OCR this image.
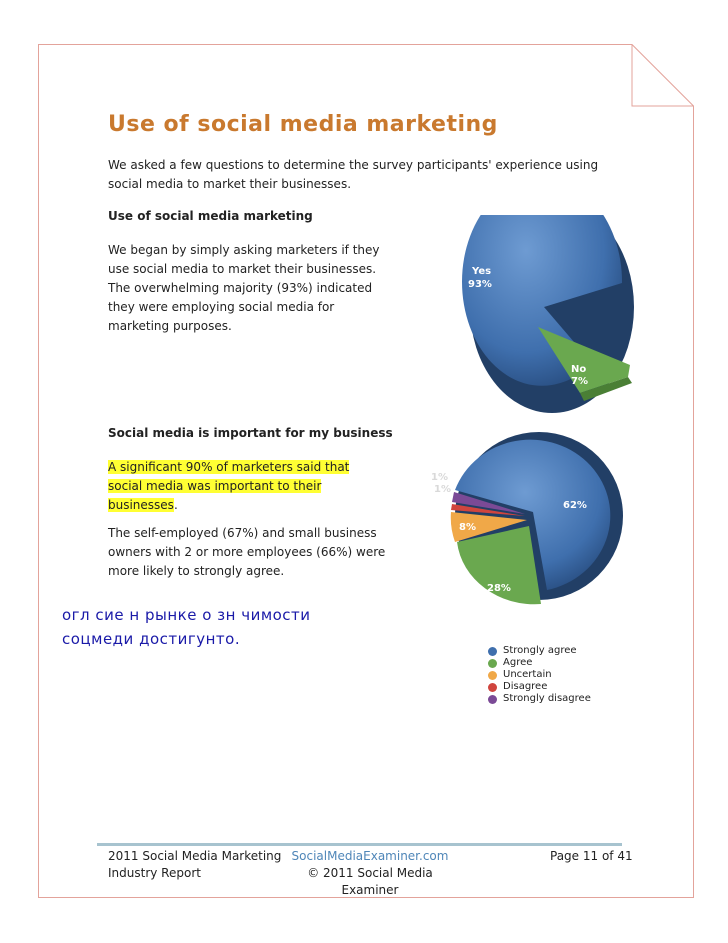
Use of social media marketing
We asked a few questions to determine the survey participants' experience using social media to market their businesses.
Use of social media marketing
We began by simply asking marketers if they
use social media to market their businesses.
The overwhelming majority (93%) indicated
they were employing social media for
marketing purposes.
Social media is important for my business
A significant 90% of marketers said that
social media was important to their
businesses.
The self-employed (67%) and small business
owners with 2 or more employees (66%) were
more likely to strongly agree.
огл сие н рынке о зн чимости
соцмеди достигунто.
Yes
93%
No
7%
62%
28%
8%
1%
1%
Strongly agree
Agree
Uncertain
Disagree
Strongly disagree
2011 Social Media Marketing
Industry Report
SocialMediaExaminer.com
© 2011 Social Media Examiner
Page 11 of 41
